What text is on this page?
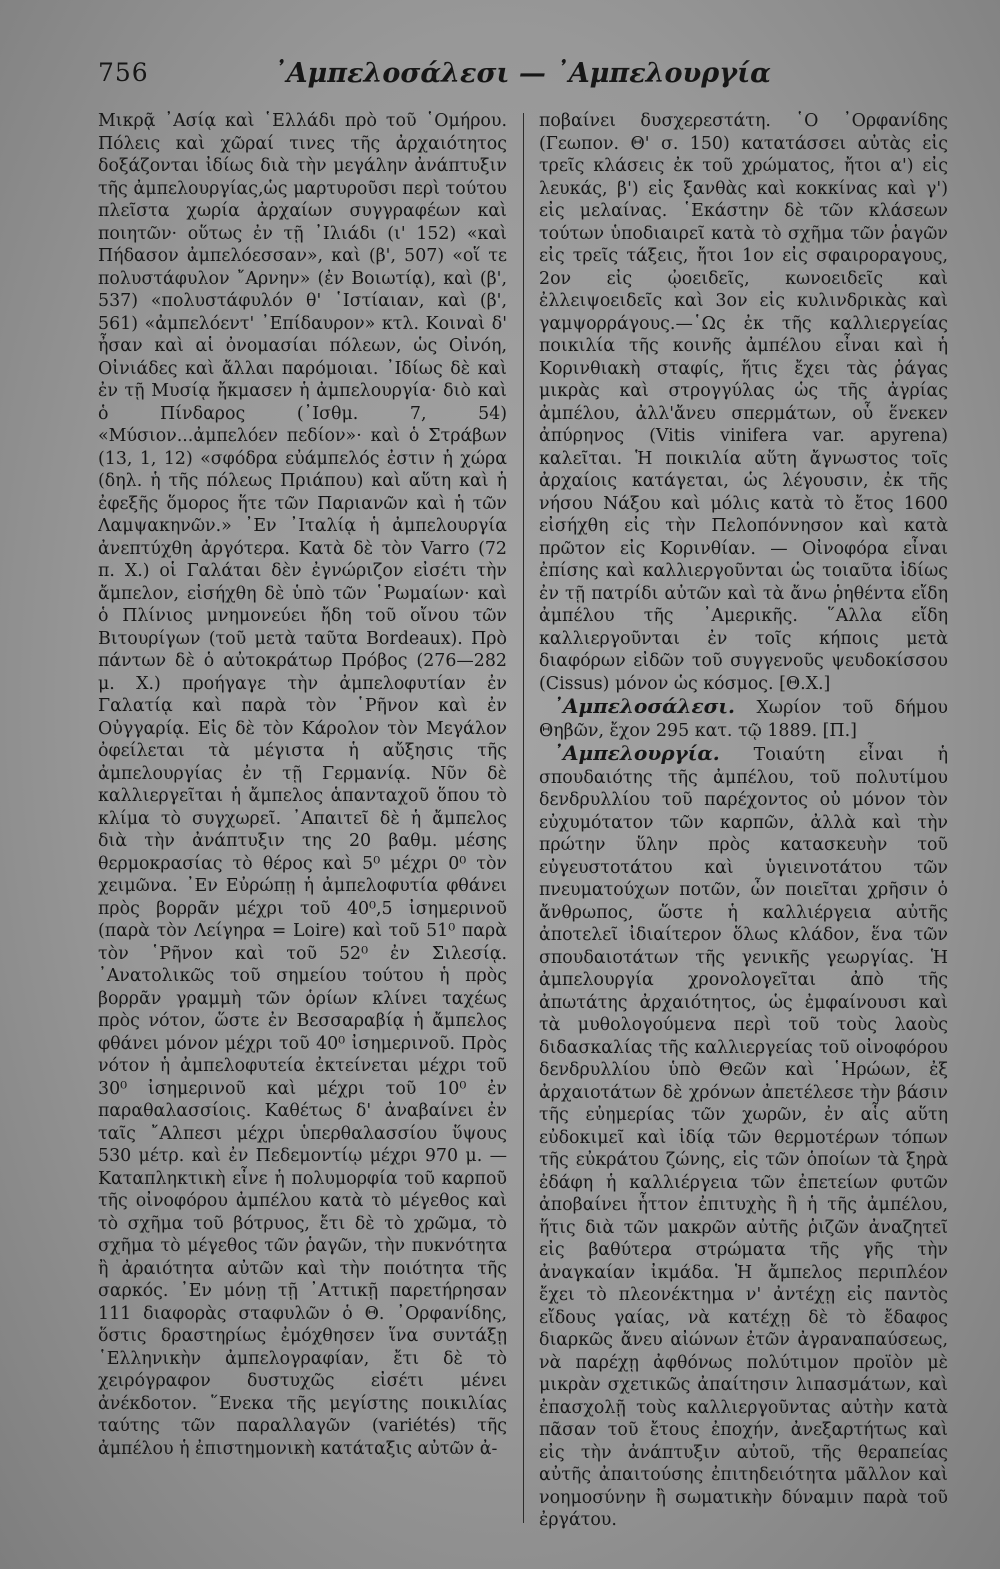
756	᾿Αμπελοσάλεσι — ᾿Αμπελουργία

Μικρᾷ ᾿Ασίᾳ καὶ ῾Ελλάδι πρὸ τοῦ ῾Ομήρου. Πόλεις καὶ χῶραί τινες τῆς ἀρχαιότητος δοξάζονται ἰδίως διὰ τὴν μεγάλην ἀνάπτυξιν τῆς ἀμπελουργίας,ὡς μαρτυροῦσι περὶ τούτου πλεῖστα χωρία ἀρχαίων συγγραφέων καὶ ποιητῶν· οὕτως ἐν τῇ ᾿Ιλιάδι (ι' 152) «καὶ Πήδασον ἀμπελόεσσαν», καὶ (β', 507) «οἵ τε πολυστάφυλον ῎Αρνην» (ἐν Βοιωτίᾳ), καὶ (β', 537) «πολυστάφυλόν θ' ῾Ιστίαιαν, καὶ (β', 561) «ἀμπελόεντ' ᾿Επίδαυρον» κτλ. Κοιναὶ δ' ἦσαν καὶ αἱ ὀνομασίαι πόλεων, ὡς Οἰνόη, Οἰνιάδες καὶ ἄλλαι παρόμοιαι. ᾿Ιδίως δὲ καὶ ἐν τῇ Μυσίᾳ ἤκμασεν ἡ ἀμπελουργία· διὸ καὶ ὁ Πίνδαρος (᾿Ισθμ. 7, 54) «Μύσιον...ἀμπελόεν πεδίον»· καὶ ὁ Στράβων (13, 1, 12) «σφόδρα εὐάμπελός ἐστιν ἡ χώρα (δηλ. ἡ τῆς πόλεως Πριάπου) καὶ αὕτη καὶ ἡ ἐφεξῆς ὅμορος ἥτε τῶν Παριανῶν καὶ ἡ τῶν Λαμψακηνῶν.» ᾿Εν ᾿Ιταλίᾳ ἡ ἀμπελουργία ἀνεπτύχθη ἀργότερα. Κατὰ δὲ τὸν Varro (72 π. Χ.) οἱ Γαλάται δὲν ἐγνώριζον εἰσέτι τὴν ἄμπελον, εἰσήχθη δὲ ὑπὸ τῶν ῾Ρωμαίων· καὶ ὁ Πλίνιος μνημονεύει ἤδη τοῦ οἴνου τῶν Βιτουρίγων (τοῦ μετὰ ταῦτα Bordeaux). Πρὸ πάντων δὲ ὁ αὐτοκράτωρ Πρόβος (276—282 μ. Χ.) προήγαγε τὴν ἀμπελοφυτίαν ἐν Γαλατίᾳ καὶ παρὰ τὸν ῾Ρῆνον καὶ ἐν Οὐγγαρίᾳ. Εἰς δὲ τὸν Κάρολον τὸν Μεγάλον ὀφείλεται τὰ μέγιστα ἡ αὔξησις τῆς ἀμπελουργίας ἐν τῇ Γερμανίᾳ. Νῦν δὲ καλλιεργεῖται ἡ ἄμπελος ἁπανταχοῦ ὅπου τὸ κλίμα τὸ συγχωρεῖ. ᾿Απαιτεῖ δὲ ἡ ἄμπελος διὰ τὴν ἀνάπτυξιν της 20 βαθμ. μέσης θερμοκρασίας τὸ θέρος καὶ 5⁰ μέχρι 0⁰ τὸν χειμῶνα. ᾿Εν Εὐρώπῃ ἡ ἀμπελοφυτία φθάνει πρὸς βορρᾶν μέχρι τοῦ 40⁰,5 ἰσημερινοῦ (παρὰ τὸν Λείγηρα = Loire) καὶ τοῦ 51⁰ παρὰ τὸν ῾Ρῆνον καὶ τοῦ 52⁰ ἐν Σιλεσίᾳ. ᾿Ανατολικῶς τοῦ σημείου τούτου ἡ πρὸς βορρᾶν γραμμὴ τῶν ὁρίων κλίνει ταχέως πρὸς νότον, ὥστε ἐν Βεσσαραβίᾳ ἡ ἄμπελος φθάνει μόνον μέχρι τοῦ 40⁰ ἰσημερινοῦ. Πρὸς νότον ἡ ἀμπελοφυτεία ἐκτείνεται μέχρι τοῦ 30⁰ ἰσημερινοῦ καὶ μέχρι τοῦ 10⁰ ἐν παραθαλασσίοις. Καθέτως δ' ἀναβαίνει ἐν ταῖς ῎Αλπεσι μέχρι ὑπερθαλασσίου ὕψους 530 μέτρ. καὶ ἐν Πεδεμοντίῳ μέχρι 970 μ. — Καταπληκτικὴ εἶνε ἡ πολυμορφία τοῦ καρποῦ τῆς οἰνοφόρου ἀμπέλου κατὰ τὸ μέγεθος καὶ τὸ σχῆμα τοῦ βότρυος, ἔτι δὲ τὸ χρῶμα, τὸ σχῆμα τὸ μέγεθος τῶν ῥαγῶν, τὴν πυκνότητα ἢ ἀραιότητα αὐτῶν καὶ τὴν ποιότητα τῆς σαρκός. ᾿Εν μόνῃ τῇ ᾿Αττικῇ παρετήρησαν 111 διαφορὰς σταφυλῶν ὁ Θ. ᾿Ορφανίδης, ὅστις δραστηρίως ἐμόχθησεν ἵνα συντάξῃ ῾Ελληνικὴν ἀμπελογραφίαν, ἔτι δὲ τὸ χειρόγραφον δυστυχῶς εἰσέτι μένει ἀνέκδοτον. ῞Ενεκα τῆς μεγίστης ποικιλίας ταύτης τῶν παραλλαγῶν (variétés) τῆς ἀμπέλου ἡ ἐπιστημονικὴ κατάταξις αὐτῶν ἀ-

ποβαίνει δυσχερεστάτη. ῾Ο ᾿Ορφανίδης (Γεωπον. Θ' σ. 150) κατατάσσει αὐτὰς εἰς τρεῖς κλάσεις ἐκ τοῦ χρώματος, ἤτοι α') εἰς λευκάς, β') εἰς ξανθὰς καὶ κοκκίνας καὶ γ') εἰς μελαίνας. ῾Εκάστην δὲ τῶν κλάσεων τούτων ὑποδιαιρεῖ κατὰ τὸ σχῆμα τῶν ῥαγῶν εἰς τρεῖς τάξεις, ἤτοι 1ον εἰς σφαιροραγους, 2ον εἰς ᾠοειδεῖς, κωνοειδεῖς καὶ ἐλλειψοειδεῖς καὶ 3ον εἰς κυλινδρικὰς καὶ γαμψορράγους.—῾Ως ἐκ τῆς καλλιεργείας ποικιλία τῆς κοινῆς ἀμπέλου εἶναι καὶ ἡ Κορινθιακὴ σταφίς, ἥτις ἔχει τὰς ῥάγας μικρὰς καὶ στρογγύλας ὡς τῆς ἀγρίας ἀμπέλου, ἀλλ'ἄνευ σπερμάτων, οὗ ἕνεκεν ἀπύρηνος (Vitis vinifera var. apyrena) καλεῖται. Ἡ ποικιλία αὕτη ἄγνωστος τοῖς ἀρχαίοις κατάγεται, ὡς λέγουσιν, ἐκ τῆς νήσου Νάξου καὶ μόλις κατὰ τὸ ἔτος 1600 εἰσήχθη εἰς τὴν Πελοπόννησον καὶ κατὰ πρῶτον εἰς Κορινθίαν. — Οἰνοφόρα εἶναι ἐπίσης καὶ καλλιεργοῦνται ὡς τοιαῦτα ἰδίως ἐν τῇ πατρίδι αὐτῶν καὶ τὰ ἄνω ῥηθέντα εἴδη ἀμπέλου τῆς ᾿Αμερικῆς. ῞Αλλα εἴδη καλλιεργοῦνται ἐν τοῖς κήποις μετὰ διαφόρων εἰδῶν τοῦ συγγενοῦς ψευδοκίσσου (Cissus) μόνον ὡς κόσμος. [Θ.Χ.]

᾿Αμπελοσάλεσι. Χωρίον τοῦ δήμου Θηβῶν, ἔχον 295 κατ. τῷ 1889. [Π.]

᾿Αμπελουργία. Τοιαύτη εἶναι ἡ σπουδαιότης τῆς ἀμπέλου, τοῦ πολυτίμου δενδρυλλίου τοῦ παρέχοντος οὐ μόνον τὸν εὐχυμότατον τῶν καρπῶν, ἀλλὰ καὶ τὴν πρώτην ὕλην πρὸς κατασκευὴν τοῦ εὐγευστοτάτου καὶ ὑγιεινοτάτου τῶν πνευματούχων ποτῶν, ὧν ποιεῖται χρῆσιν ὁ ἄνθρωπος, ὥστε ἡ καλλιέργεια αὐτῆς ἀποτελεῖ ἰδιαίτερον ὅλως κλάδον, ἕνα τῶν σπουδαιοτάτων τῆς γενικῆς γεωργίας. Ἡ ἀμπελουργία χρονολογεῖται ἀπὸ τῆς ἀπωτάτης ἀρχαιότητος, ὡς ἐμφαίνουσι καὶ τὰ μυθολογούμενα περὶ τοῦ τοὺς λαοὺς διδασκαλίας τῆς καλλιεργείας τοῦ οἰνοφόρου δενδρυλλίου ὑπὸ Θεῶν καὶ ῾Ηρώων, ἐξ ἀρχαιοτάτων δὲ χρόνων ἀπετέλεσε τὴν βάσιν τῆς εὐημερίας τῶν χωρῶν, ἐν αἷς αὕτη εὐδοκιμεῖ καὶ ἰδίᾳ τῶν θερμοτέρων τόπων τῆς εὐκράτου ζώνης, εἰς τῶν ὁποίων τὰ ξηρὰ ἐδάφη ἡ καλλιέργεια τῶν ἐπετείων φυτῶν ἀποβαίνει ἧττον ἐπιτυχὴς ἢ ἡ τῆς ἀμπέλου, ἥτις διὰ τῶν μακρῶν αὐτῆς ῥιζῶν ἀναζητεῖ εἰς βαθύτερα στρώματα τῆς γῆς τὴν ἀναγκαίαν ἰκμάδα. Ἡ ἄμπελος περιπλέον ἔχει τὸ πλεονέκτημα ν' ἀντέχῃ εἰς παντὸς εἴδους γαίας, νὰ κατέχῃ δὲ τὸ ἔδαφος διαρκῶς ἄνευ αἰώνων ἐτῶν ἀγραναπαύσεως, νὰ παρέχῃ ἀφθόνως πολύτιμον προϊὸν μὲ μικρὰν σχετικῶς ἀπαίτησιν λιπασμάτων, καὶ ἐπασχολῇ τοὺς καλλιεργοῦντας αὐτὴν κατὰ πᾶσαν τοῦ ἔτους ἐποχήν, ἀνεξαρτήτως καὶ εἰς τὴν ἀνάπτυξιν αὐτοῦ, τῆς θεραπείας αὐτῆς ἀπαιτούσης ἐπιτηδειότητα μᾶλλον καὶ νοημοσύνην ἢ σωματικὴν δύναμιν παρὰ τοῦ ἐργάτου.
